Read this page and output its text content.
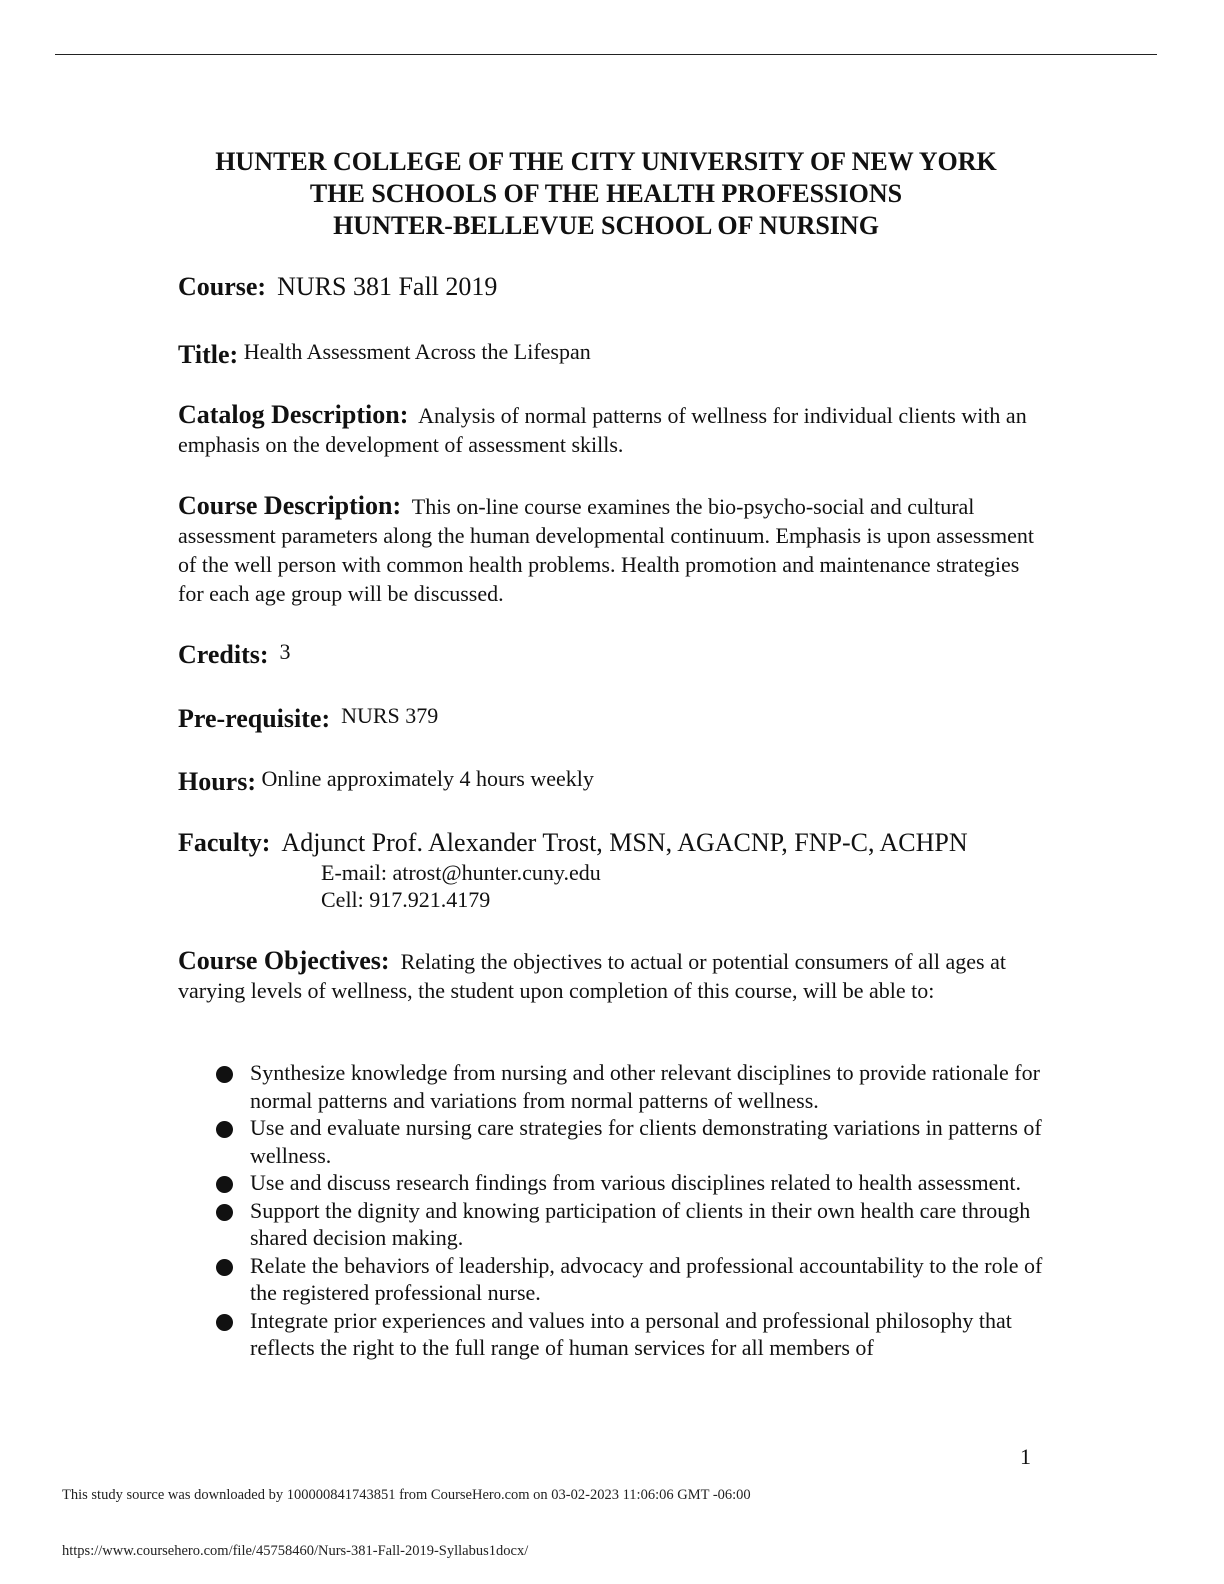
HUNTER COLLEGE OF THE CITY UNIVERSITY OF NEW YORK
THE SCHOOLS OF THE HEALTH PROFESSIONS
HUNTER-BELLEVUE SCHOOL OF NURSING
Course: NURS 381 Fall 2019
Title: Health Assessment Across the Lifespan
Catalog Description: Analysis of normal patterns of wellness for individual clients with an emphasis on the development of assessment skills.
Course Description: This on-line course examines the bio-psycho-social and cultural assessment parameters along the human developmental continuum. Emphasis is upon assessment of the well person with common health problems. Health promotion and maintenance strategies for each age group will be discussed.
Credits: 3
Pre-requisite: NURS 379
Hours: Online approximately 4 hours weekly
Faculty: Adjunct Prof. Alexander Trost, MSN, AGACNP, FNP-C, ACHPN
E-mail: atrost@hunter.cuny.edu
Cell: 917.921.4179
Course Objectives: Relating the objectives to actual or potential consumers of all ages at varying levels of wellness, the student upon completion of this course, will be able to:
Synthesize knowledge from nursing and other relevant disciplines to provide rationale for normal patterns and variations from normal patterns of wellness.
Use and evaluate nursing care strategies for clients demonstrating variations in patterns of wellness.
Use and discuss research findings from various disciplines related to health assessment.
Support the dignity and knowing participation of clients in their own health care through shared decision making.
Relate the behaviors of leadership, advocacy and professional accountability to the role of the registered professional nurse.
Integrate prior experiences and values into a personal and professional philosophy that reflects the right to the full range of human services for all members of
1
This study source was downloaded by 100000841743851 from CourseHero.com on 03-02-2023 11:06:06 GMT -06:00
https://www.coursehero.com/file/45758460/Nurs-381-Fall-2019-Syllabus1docx/
